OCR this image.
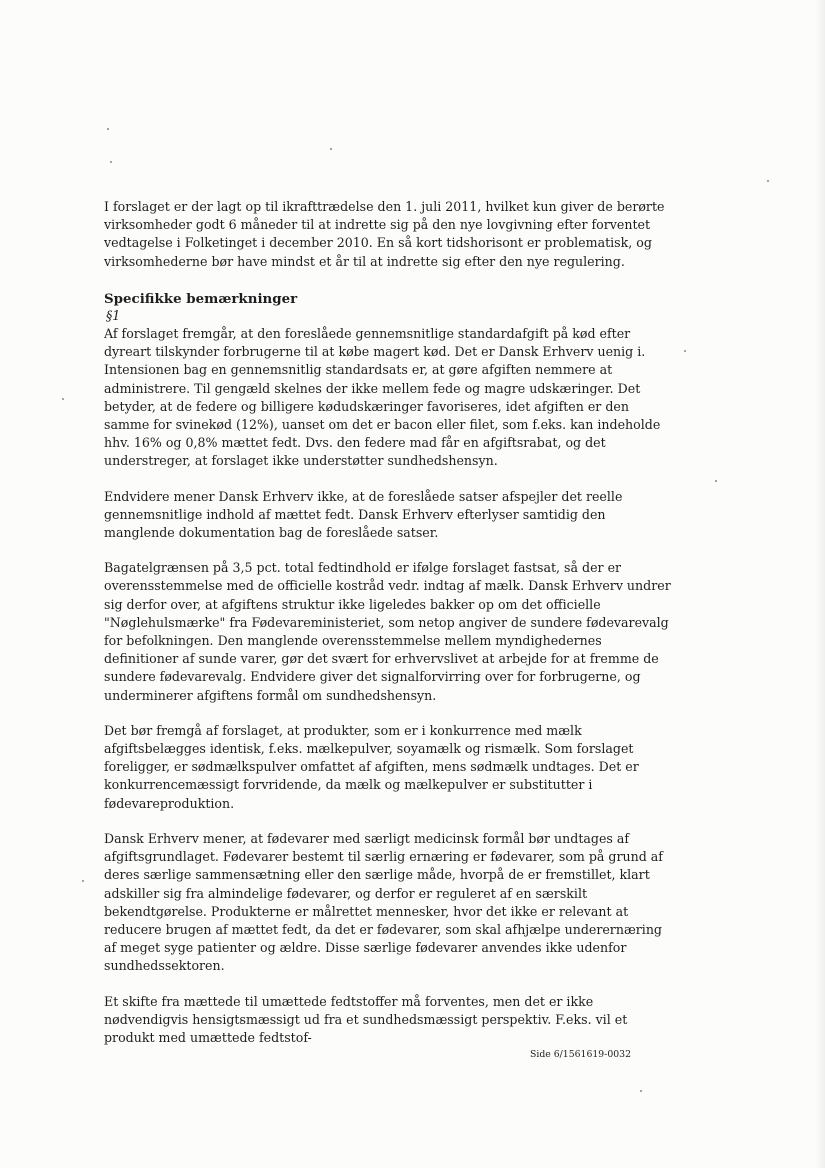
I forslaget er der lagt op til ikrafttrædelse den 1. juli 2011, hvilket kun giver de berørte virksomheder godt 6 måneder til at indrette sig på den nye lovgivning efter forventet vedtagelse i Folketinget i december 2010. En så kort tidshorisont er problematisk, og virksomhederne bør have mindst et år til at indrette sig efter den nye regulering.

Specifikke bemærkninger

§1

Af forslaget fremgår, at den foreslåede gennemsnitlige standardafgift på kød efter dyreart tilskynder forbrugerne til at købe magert kød. Det er Dansk Erhverv uenig i. Intensionen bag en gennemsnitlig standardsats er, at gøre afgiften nemmere at administrere. Til gengæld skelnes der ikke mellem fede og magre udskæringer. Det betyder, at de federe og billigere kødudskæringer favoriseres, idet afgiften er den samme for svinekød (12%), uanset om det er bacon eller filet, som f.eks. kan indeholde hhv. 16% og 0,8% mættet fedt. Dvs. den federe mad får en afgiftsrabat, og det understreger, at forslaget ikke understøtter sundhedshensyn.

Endvidere mener Dansk Erhverv ikke, at de foreslåede satser afspejler det reelle gennemsnitlige indhold af mættet fedt. Dansk Erhverv efterlyser samtidig den manglende dokumentation bag de foreslåede satser.

Bagatelgrænsen på 3,5 pct. total fedtindhold er ifølge forslaget fastsat, så der er overensstemmelse med de officielle kostråd vedr. indtag af mælk. Dansk Erhverv undrer sig derfor over, at afgiftens struktur ikke ligeledes bakker op om det officielle "Nøglehulsmærke" fra Fødevareministeriet, som netop angiver de sundere fødevarevalg for befolkningen. Den manglende overensstemmelse mellem myndighedernes definitioner af sunde varer, gør det svært for erhvervslivet at arbejde for at fremme de sundere fødevarevalg. Endvidere giver det signalforvirring over for forbrugerne, og underminerer afgiftens formål om sundhedshensyn.

Det bør fremgå af forslaget, at produkter, som er i konkurrence med mælk afgiftsbelægges identisk, f.eks. mælkepulver, soyamælk og rismælk. Som forslaget foreligger, er sødmælkspulver omfattet af afgiften, mens sødmælk undtages. Det er konkurrencemæssigt forvridende, da mælk og mælkepulver er substitutter i fødevareproduktion.

Dansk Erhverv mener, at fødevarer med særligt medicinsk formål bør undtages af afgiftsgrundlaget. Fødevarer bestemt til særlig ernæring er fødevarer, som på grund af deres særlige sammensætning eller den særlige måde, hvorpå de er fremstillet, klart adskiller sig fra almindelige fødevarer, og derfor er reguleret af en særskilt bekendtgørelse. Produkterne er målrettet mennesker, hvor det ikke er relevant at reducere brugen af mættet fedt, da det er fødevarer, som skal afhjælpe underernæring af meget syge patienter og ældre. Disse særlige fødevarer anvendes ikke udenfor sundhedssektoren.

Et skifte fra mættede til umættede fedtstoffer må forventes, men det er ikke nødvendigvis hensigtsmæssigt ud fra et sundhedsmæssigt perspektiv. F.eks. vil et produkt med umættede fedtstof-

Side 6/1561619-0032
